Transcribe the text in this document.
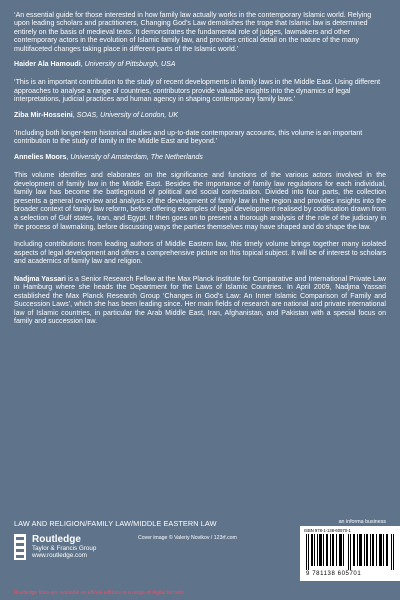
‘An essential guide for those interested in how family law actually works in the contemporary Islamic world. Relying upon leading scholars and practitioners, Changing God’s Law demolishes the trope that Islamic law is determined entirely on the basis of medieval texts. It demonstrates the fundamental role of judges, lawmakers and other contemporary actors in the evolution of Islamic family law, and provides critical detail on the nature of the many multifaceted changes taking place in different parts of the Islamic world.’

Haider Ala Hamoudi, University of Pittsburgh, USA

‘This is an important contribution to the study of recent developments in family laws in the Middle East. Using different approaches to analyse a range of countries, contributors provide valuable insights into the dynamics of legal interpretations, judicial practices and human agency in shaping contemporary family laws.’

Ziba Mir-Hosseini, SOAS, University of London, UK

‘Including both longer-term historical studies and up-to-date contemporary accounts, this volume is an important contribution to the study of family in the Middle East and beyond.’

Annelies Moors, University of Amsterdam, The Netherlands

This volume identifies and elaborates on the significance and functions of the various actors involved in the development of family law in the Middle East. Besides the importance of family law regulations for each individual, family law has become the battleground of political and social contestation. Divided into four parts, the collection presents a general overview and analysis of the development of family law in the region and provides insights into the broader context of family law reform, before offering examples of legal development realised by codification drawn from a selection of Gulf states, Iran, and Egypt. It then goes on to present a thorough analysis of the role of the judiciary in the process of lawmaking, before discussing ways the parties themselves may have shaped and do shape the law.

Including contributions from leading authors of Middle Eastern law, this timely volume brings together many isolated aspects of legal development and offers a comprehensive picture on this topical subject. It will be of interest to scholars and academics of family law and religion.

Nadjma Yassari is a Senior Research Fellow at the Max Planck Institute for Comparative and International Private Law in Hamburg where she heads the Department for the Laws of Islamic Countries. In April 2009, Nadjma Yassari established the Max Planck Research Group ‘Changes in God’s Law: An Inner Islamic Comparison of Family and Succession Laws’, which she has been leading since. Her main fields of research are national and private international law of Islamic countries, in particular the Arab Middle East, Iran, Afghanistan, and Pakistan with a special focus on family and succession law.

LAW AND RELIGION/FAMILY LAW/MIDDLE EASTERN LAW	an informa business
Routledge
Taylor & Francis Group
www.routledge.com
Cover image © Valeriy Novikov / 123rf.com
ISBN 978-1-138-60570-1
9 781138 605701
Routledge titles are available as eBook editions in a range of digital formats
